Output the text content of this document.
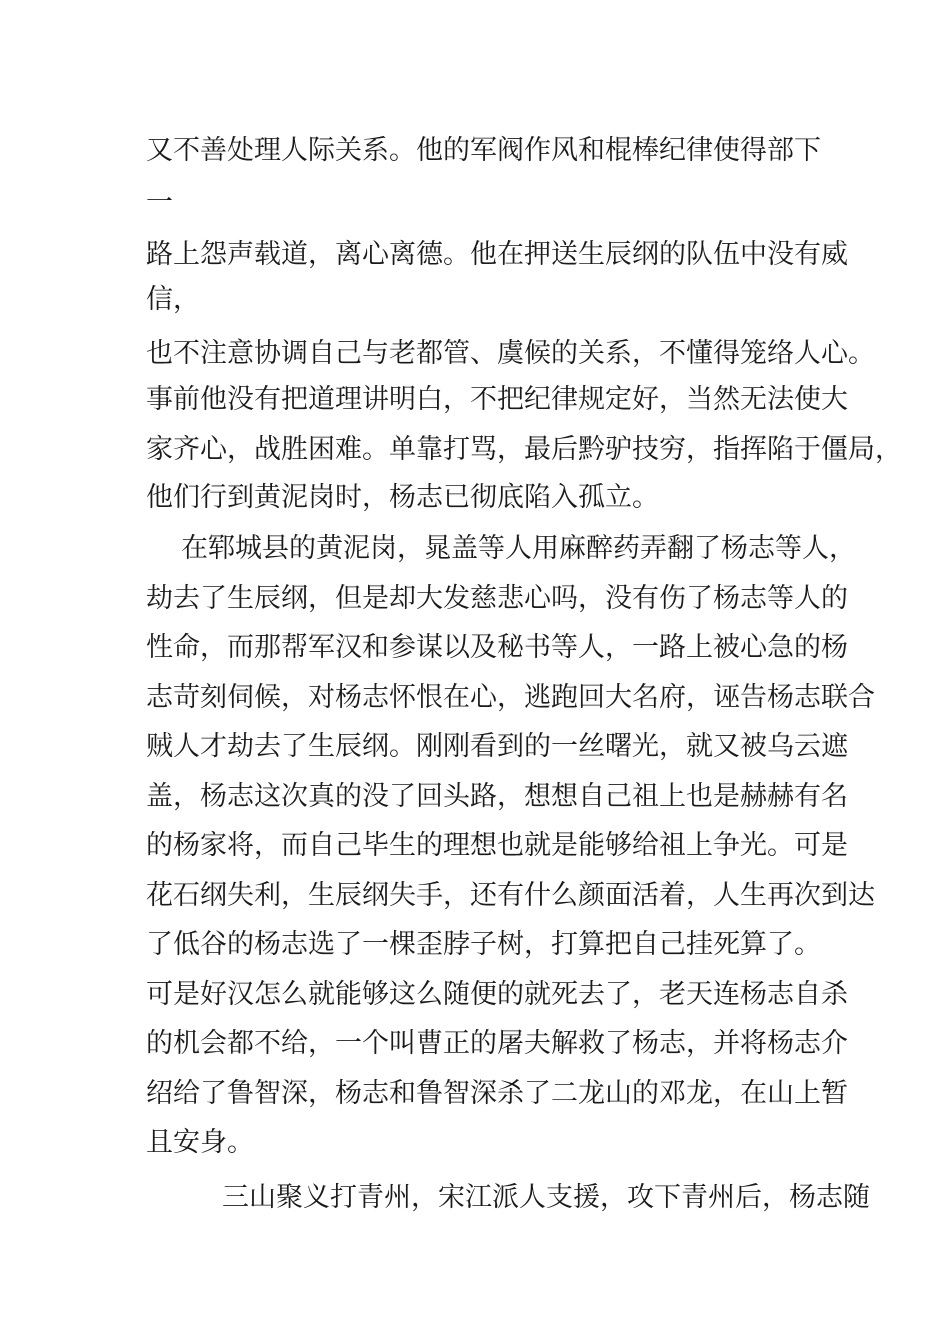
又不善处理人际关系。他的军阀作风和棍棒纪律使得部下
一
路上怨声载道，离心离德。他在押送生辰纲的队伍中没有威
信，
也不注意协调自己与老都管、虞候的关系，不懂得笼络人心。
事前他没有把道理讲明白，不把纪律规定好，当然无法使大
家齐心，战胜困难。单靠打骂，最后黔驴技穷，指挥陷于僵局，
他们行到黄泥岗时，杨志已彻底陷入孤立。
在郓城县的黄泥岗，晁盖等人用麻醉药弄翻了杨志等人，
劫去了生辰纲，但是却大发慈悲心吗，没有伤了杨志等人的
性命，而那帮军汉和参谋以及秘书等人，一路上被心急的杨
志苛刻伺候，对杨志怀恨在心，逃跑回大名府，诬告杨志联合
贼人才劫去了生辰纲。刚刚看到的一丝曙光，就又被乌云遮
盖，杨志这次真的没了回头路，想想自己祖上也是赫赫有名
的杨家将，而自己毕生的理想也就是能够给祖上争光。可是
花石纲失利，生辰纲失手，还有什么颜面活着，人生再次到达
了低谷的杨志选了一棵歪脖子树，打算把自己挂死算了。
可是好汉怎么就能够这么随便的就死去了，老天连杨志自杀
的机会都不给，一个叫曹正的屠夫解救了杨志，并将杨志介
绍给了鲁智深，杨志和鲁智深杀了二龙山的邓龙，在山上暂
且安身。
三山聚义打青州，宋江派人支援，攻下青州后，杨志随
